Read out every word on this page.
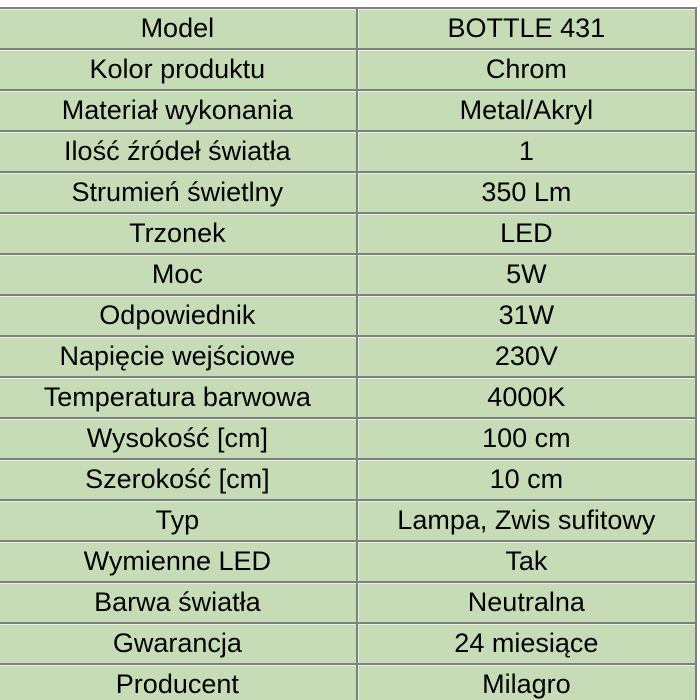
Model	BOTTLE 431
Kolor produktu	Chrom
Materiał wykonania	Metal/Akryl
Ilość źródeł światła	1
Strumień świetlny	350 Lm
Trzonek	LED
Moc	5W
Odpowiednik	31W
Napięcie wejściowe	230V
Temperatura barwowa	4000K
Wysokość [cm]	100 cm
Szerokość [cm]	10 cm
Typ	Lampa, Zwis sufitowy
Wymienne LED	Tak
Barwa światła	Neutralna
Gwarancja	24 miesiące
Producent	Milagro
